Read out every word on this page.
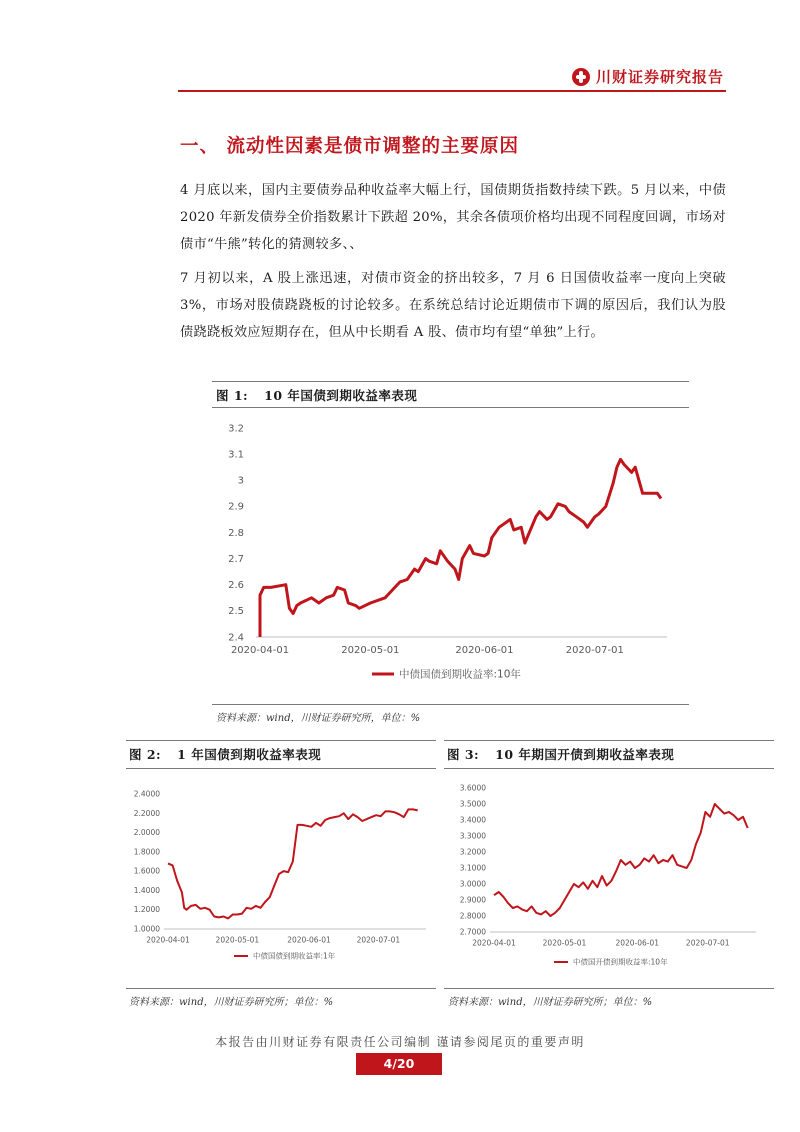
川财证券研究报告
一、 流动性因素是债市调整的主要原因
4 月底以来，国内主要债券品种收益率大幅上行，国债期货指数持续下跌。5 月以来，中债 2020 年新发债券全价指数累计下跌超 20%，其余各债项价格均出现不同程度回调，市场对债市“牛熊”转化的猜测较多、、
7 月初以来，A 股上涨迅速，对债市资金的挤出较多，7 月 6 日国债收益率一度向上突破 3%，市场对股债跷跷板的讨论较多。在系统总结讨论近期债市下调的原因后，我们认为股债跷跷板效应短期存在，但从中长期看 A 股、债市均有望“单独”上行。
图 1: 10 年国债到期收益率表现
2.4
2.5
2.6
2.7
2.8
2.9
3
3.1
3.2
2020-04-01	2020-05-01	2020-06-01	2020-07-01
中债国债到期收益率:10年
资料来源：wind，川财证券研究所，单位：%
图 2: 1 年国债到期收益率表现
1.0000
1.2000
1.4000
1.6000
1.8000
2.0000
2.2000
2.4000
2020-04-01	2020-05-01	2020-06-01	2020-07-01
中债国债到期收益率:1年
资料来源：wind，川财证券研究所；单位：%
图 3: 10 年期国开债到期收益率表现
2.7000
2.8000
2.9000
3.0000
3.1000
3.2000
3.3000
3.4000
3.5000
3.6000
2020-04-01	2020-05-01	2020-06-01	2020-07-01
中债国开债到期收益率:10年
资料来源：wind，川财证券研究所；单位：%
本报告由川财证券有限责任公司编制 谨请参阅尾页的重要声明
4/20
